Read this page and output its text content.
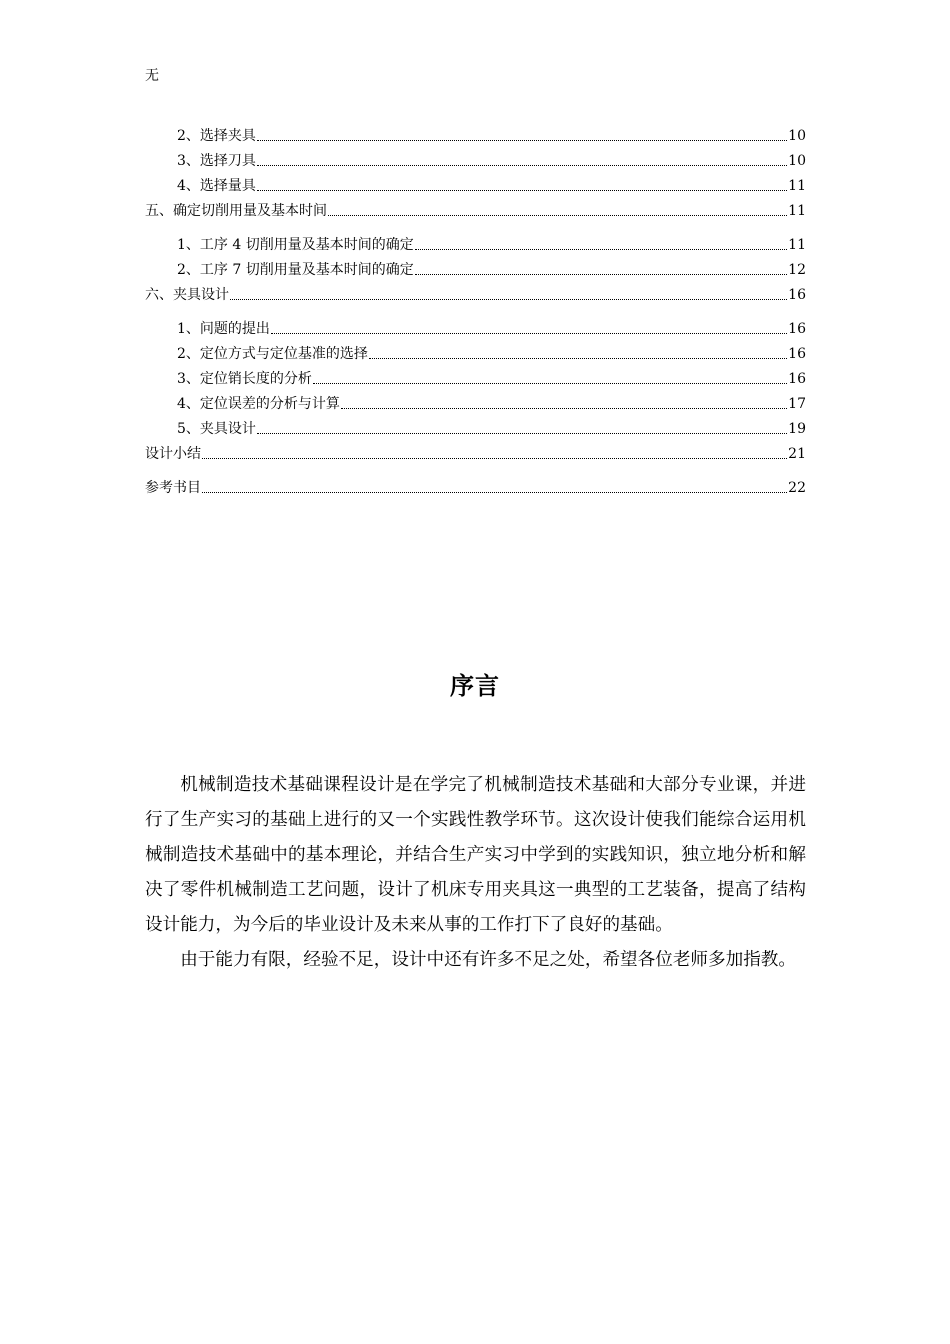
无
2、选择夹具	10
3、选择刀具	10
4、选择量具	11
五、确定切削用量及基本时间	11
1、工序 4 切削用量及基本时间的确定	11
2、工序 7 切削用量及基本时间的确定	12
六、夹具设计	16
1、问题的提出	16
2、定位方式与定位基准的选择	16
3、定位销长度的分析	16
4、定位误差的分析与计算	17
5、夹具设计	19
设计小结	21
参考书目	22
序言

机械制造技术基础课程设计是在学完了机械制造技术基础和大部分专业课，并进行了生产实习的基础上进行的又一个实践性教学环节。这次设计使我们能综合运用机械制造技术基础中的基本理论，并结合生产实习中学到的实践知识，独立地分析和解决了零件机械制造工艺问题，设计了机床专用夹具这一典型的工艺装备，提高了结构设计能力，为今后的毕业设计及未来从事的工作打下了良好的基础。

由于能力有限，经验不足，设计中还有许多不足之处，希望各位老师多加指教。
